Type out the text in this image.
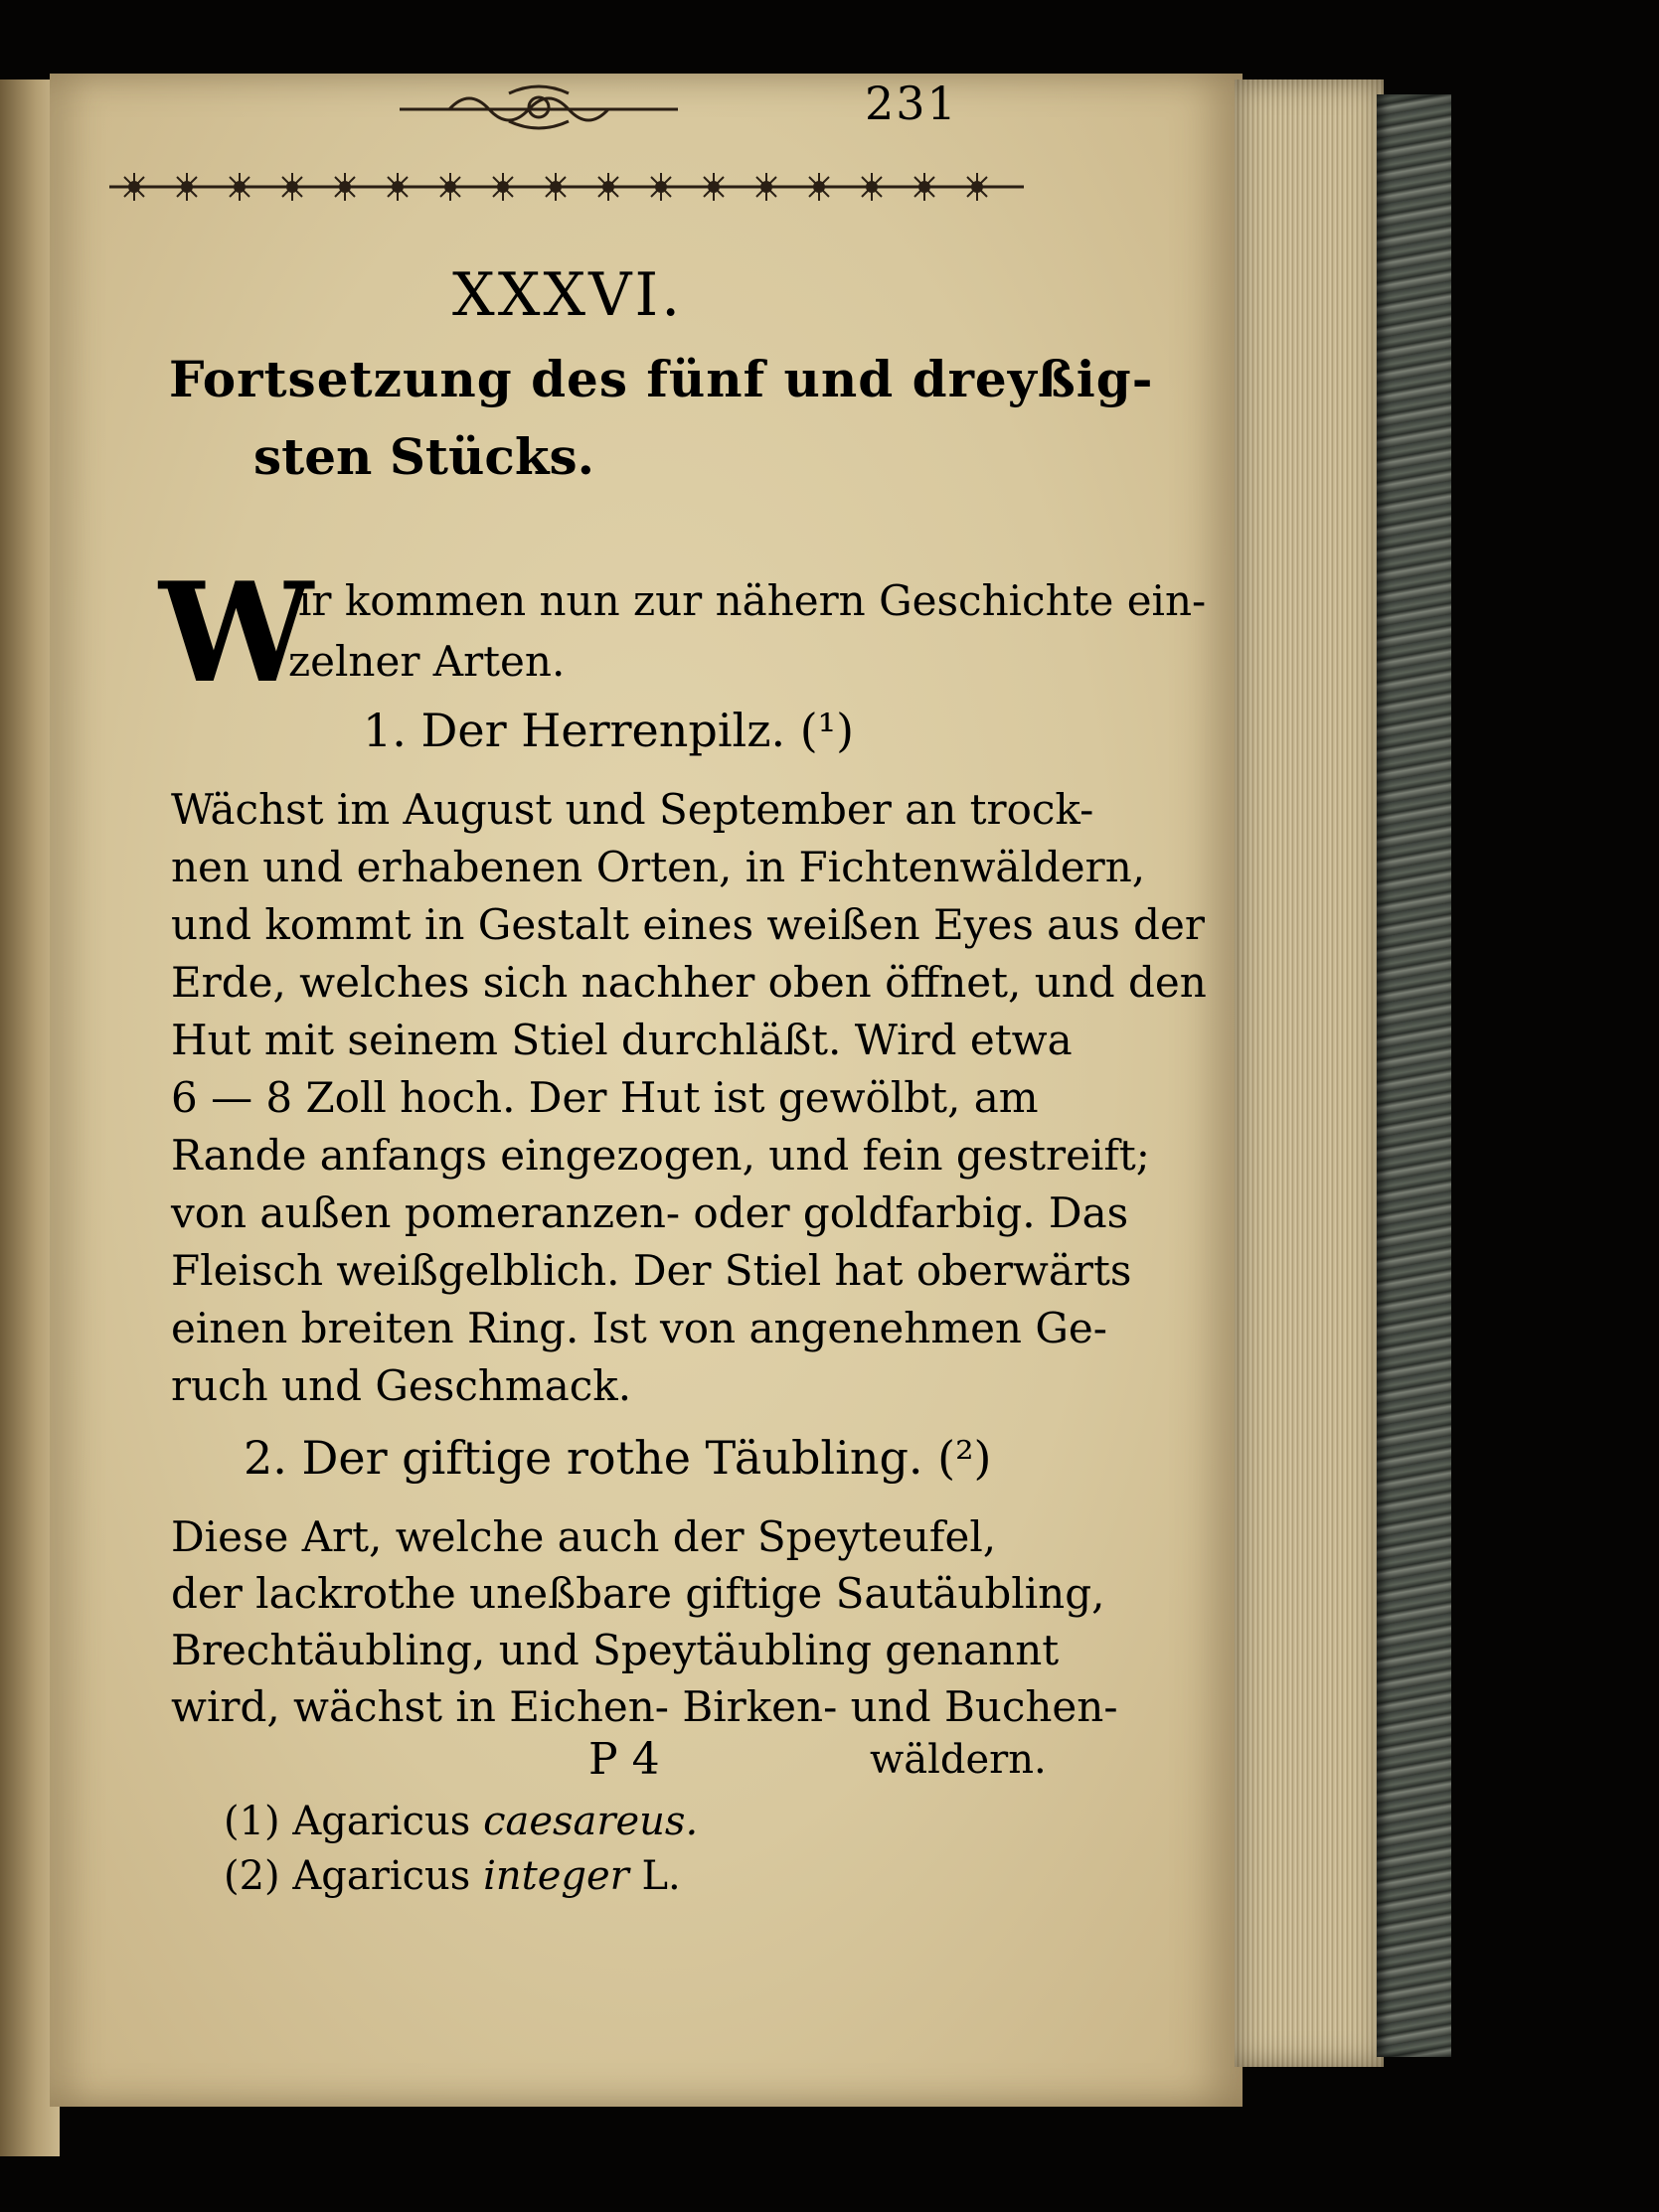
231
XXXVI.
Fortsetzung des fünf und dreyßig-
sten Stücks.
W
ir kommen nun zur nähern Geschichte ein-
zelner Arten.
1. Der Herrenpilz. (¹)
Wächst im August und September an trock-
nen und erhabenen Orten, in Fichtenwäldern,
und kommt in Gestalt eines weißen Eyes aus der
Erde, welches sich nachher oben öffnet, und den
Hut mit seinem Stiel durchläßt. Wird etwa
6 — 8 Zoll hoch. Der Hut ist gewölbt, am
Rande anfangs eingezogen, und fein gestreift;
von außen pomeranzen- oder goldfarbig. Das
Fleisch weißgelblich. Der Stiel hat oberwärts
einen breiten Ring. Ist von angenehmen Ge-
ruch und Geschmack.
2. Der giftige rothe Täubling. (²)
Diese Art, welche auch der Speyteufel,
der lackrothe uneßbare giftige Sautäubling,
Brechtäubling, und Speytäubling genannt
wird, wächst in Eichen- Birken- und Buchen-
P 4	wäldern.
(1) Agaricus caesareus.
(2) Agaricus integer L.
